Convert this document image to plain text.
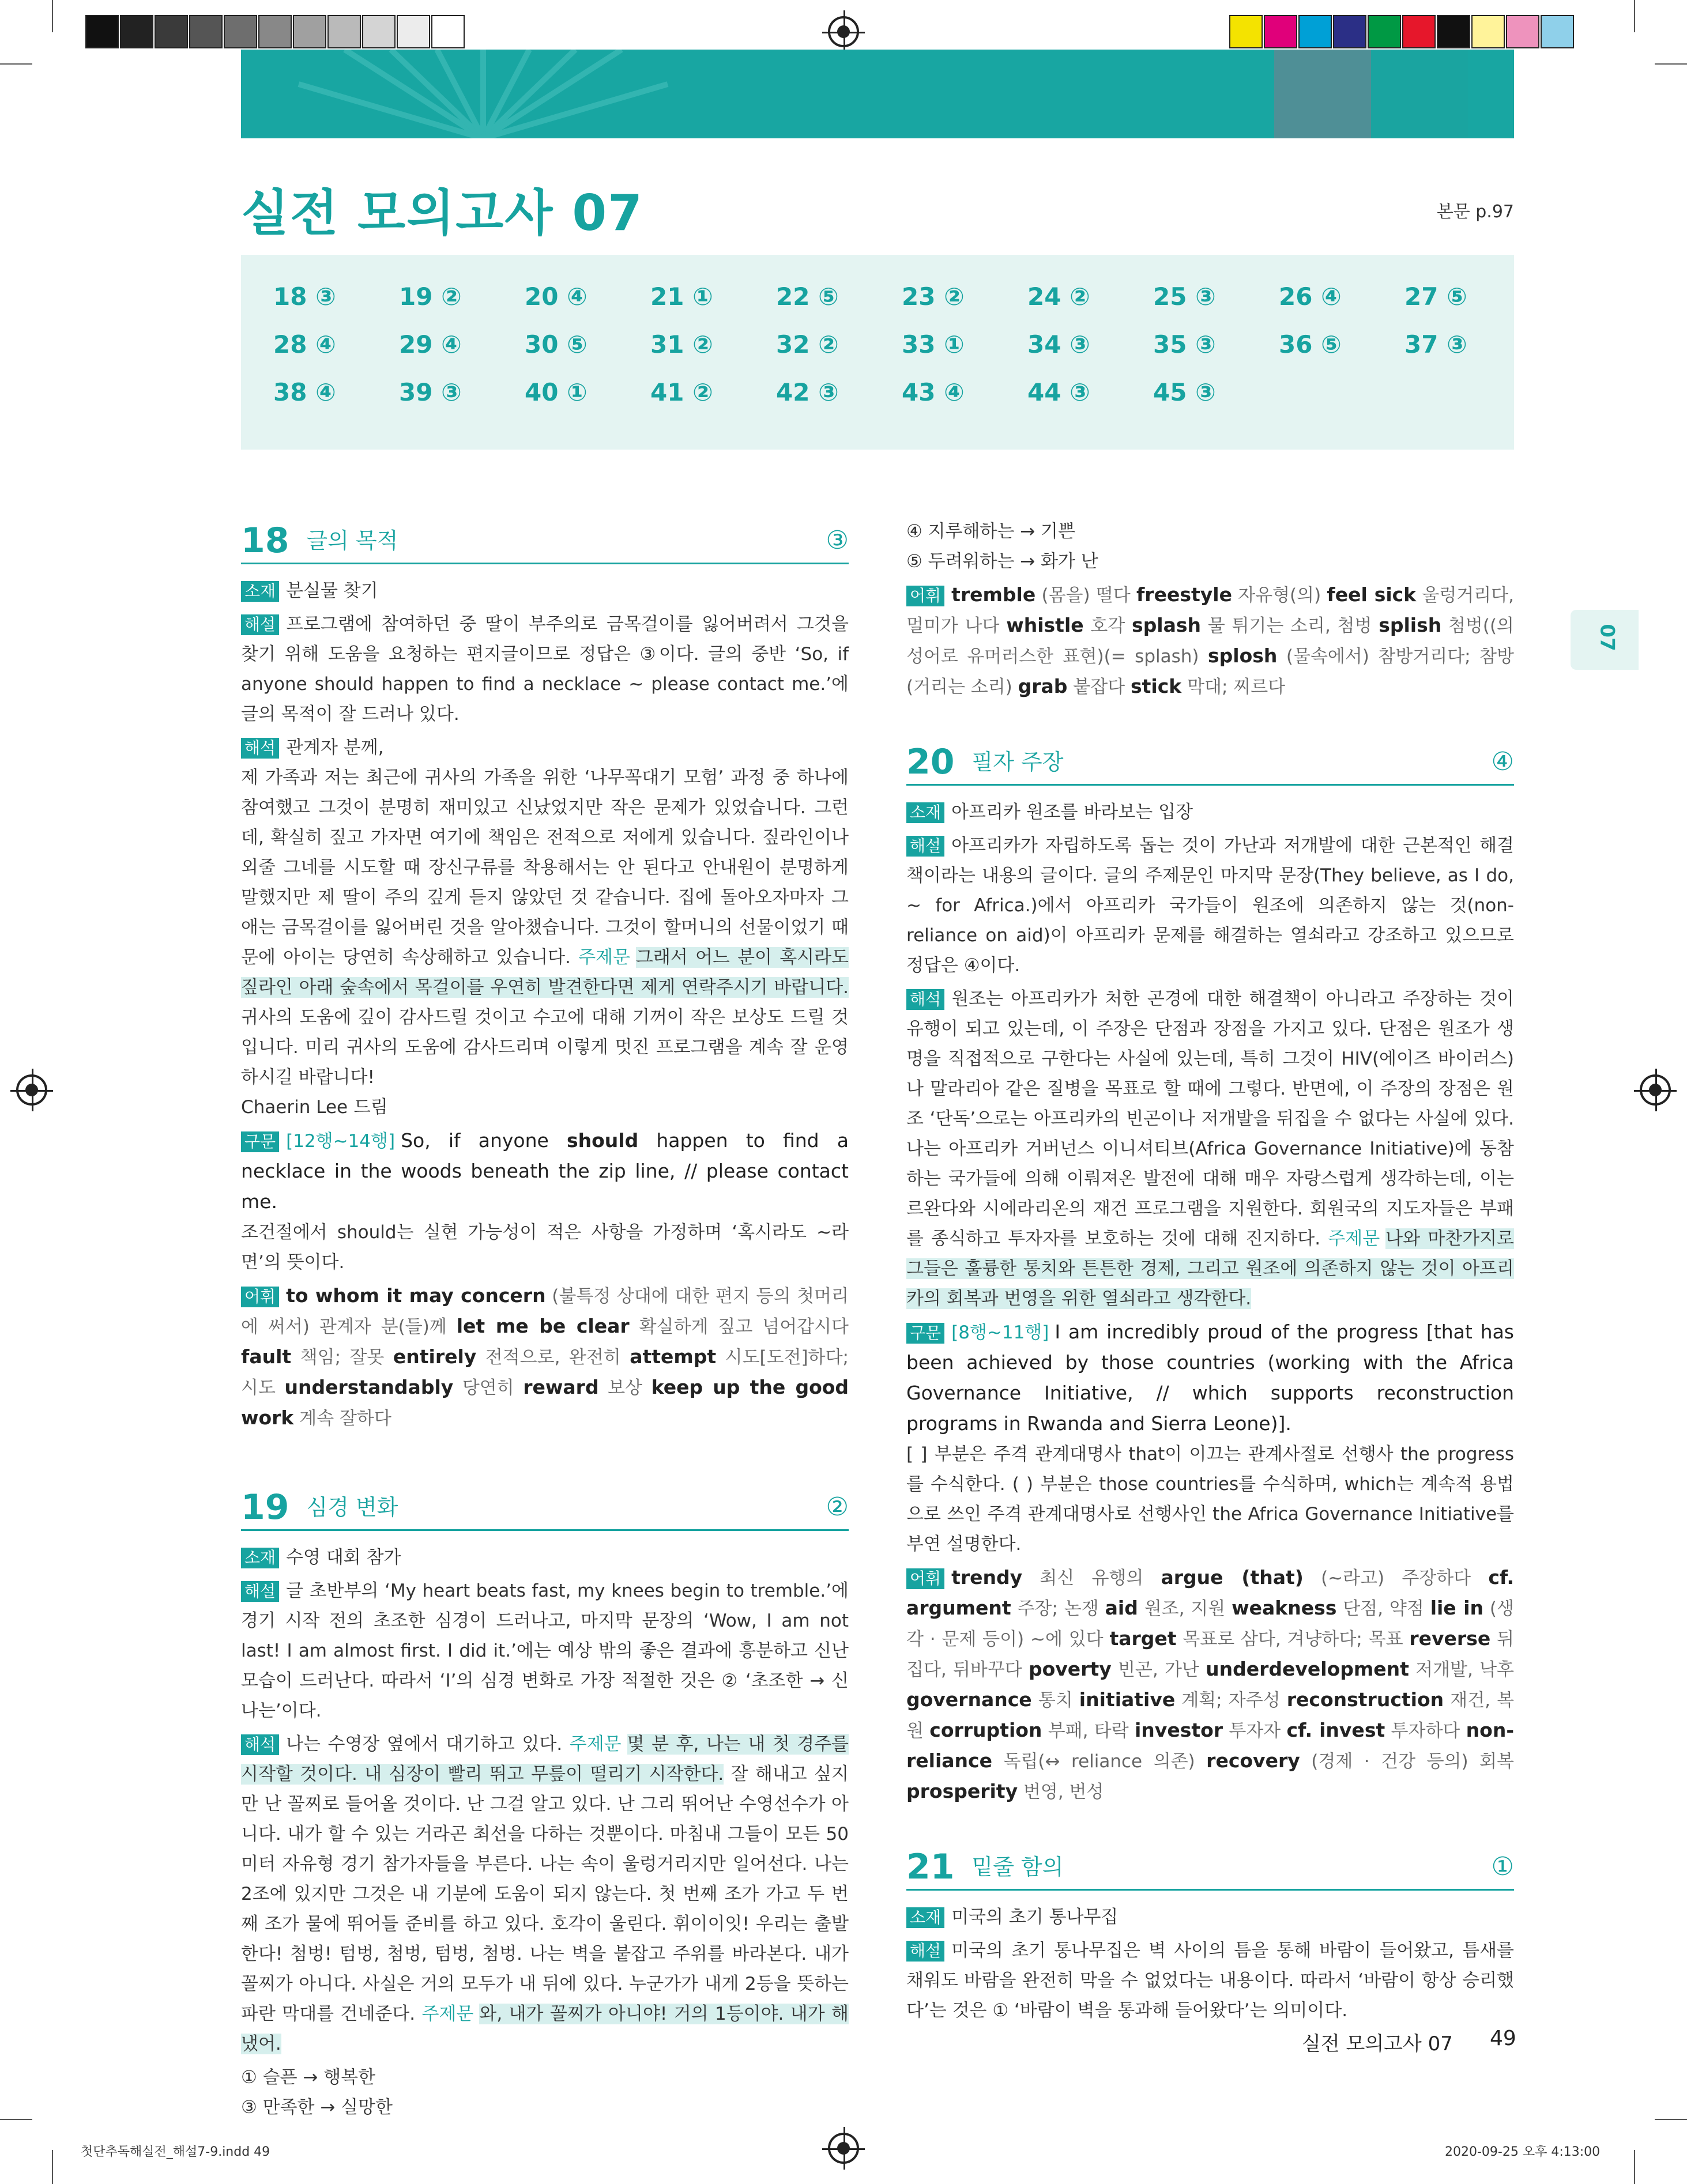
실전 모의고사 07	본문 p.97
18 ③	19 ②	20 ④	21 ①	22 ⑤	23 ②	24 ②	25 ③	26 ④	27 ⑤
28 ④	29 ④	30 ⑤	31 ②	32 ②	33 ①	34 ③	35 ③	36 ⑤	37 ③
38 ④	39 ③	40 ①	41 ②	42 ③	43 ④	44 ③	45 ③
07
18 글의 목적	③

소재 분실물 찾기

해설 프로그램에 참여하던 중 딸이 부주의로 금목걸이를 잃어버려서 그것을 찾기 위해 도움을 요청하는 편지글이므로 정답은 ③이다. 글의 중반 ‘So, if anyone should happen to find a necklace ~ please contact me.’에 글의 목적이 잘 드러나 있다.

해석 관계자 분께,
제 가족과 저는 최근에 귀사의 가족을 위한 ‘나무꼭대기 모험’ 과정 중 하나에 참여했고 그것이 분명히 재미있고 신났었지만 작은 문제가 있었습니다. 그런데, 확실히 짚고 가자면 여기에 책임은 전적으로 저에게 있습니다. 짚라인이나 외줄 그네를 시도할 때 장신구류를 착용해서는 안 된다고 안내원이 분명하게 말했지만 제 딸이 주의 깊게 듣지 않았던 것 같습니다. 집에 돌아오자마자 그 애는 금목걸이를 잃어버린 것을 알아챘습니다. 그것이 할머니의 선물이었기 때문에 아이는 당연히 속상해하고 있습니다. 주제문 그래서 어느 분이 혹시라도 짚라인 아래 숲속에서 목걸이를 우연히 발견한다면 제게 연락주시기 바랍니다. 귀사의 도움에 깊이 감사드릴 것이고 수고에 대해 기꺼이 작은 보상도 드릴 것입니다. 미리 귀사의 도움에 감사드리며 이렇게 멋진 프로그램을 계속 잘 운영하시길 바랍니다!
Chaerin Lee 드림

구문 [12행~14행] So, if anyone should happen to find a necklace in the woods beneath the zip line, // please contact me.
조건절에서 should는 실현 가능성이 적은 사항을 가정하며 ‘혹시라도 ~라면’의 뜻이다.

어휘 to whom it may concern (불특정 상대에 대한 편지 등의 첫머리에 써서) 관계자 분(들)께 let me be clear 확실하게 짚고 넘어갑시다 fault 책임; 잘못 entirely 전적으로, 완전히 attempt 시도[도전]하다; 시도 understandably 당연히 reward 보상 keep up the good work 계속 잘하다

19 심경 변화	②

소재 수영 대회 참가

해설 글 초반부의 ‘My heart beats fast, my knees begin to tremble.’에 경기 시작 전의 초조한 심경이 드러나고, 마지막 문장의 ‘Wow, I am not last! I am almost first. I did it.’에는 예상 밖의 좋은 결과에 흥분하고 신난 모습이 드러난다. 따라서 ‘I’의 심경 변화로 가장 적절한 것은 ② ‘초조한 → 신나는’이다.

해석 나는 수영장 옆에서 대기하고 있다. 주제문 몇 분 후, 나는 내 첫 경주를 시작할 것이다. 내 심장이 빨리 뛰고 무릎이 떨리기 시작한다. 잘 해내고 싶지만 난 꼴찌로 들어올 것이다. 난 그걸 알고 있다. 난 그리 뛰어난 수영선수가 아니다. 내가 할 수 있는 거라곤 최선을 다하는 것뿐이다. 마침내 그들이 모든 50미터 자유형 경기 참가자들을 부른다. 나는 속이 울렁거리지만 일어선다. 나는 2조에 있지만 그것은 내 기분에 도움이 되지 않는다. 첫 번째 조가 가고 두 번째 조가 물에 뛰어들 준비를 하고 있다. 호각이 울린다. 휘이이잇! 우리는 출발한다! 첨벙! 텀벙, 첨벙, 텀벙, 첨벙. 나는 벽을 붙잡고 주위를 바라본다. 내가 꼴찌가 아니다. 사실은 거의 모두가 내 뒤에 있다. 누군가가 내게 2등을 뜻하는 파란 막대를 건네준다. 주제문 와, 내가 꼴찌가 아니야! 거의 1등이야. 내가 해냈어.

① 슬픈 → 행복한

③ 만족한 → 실망한

④ 지루해하는 → 기쁜

⑤ 두려워하는 → 화가 난

어휘 tremble (몸을) 떨다 freestyle 자유형(의) feel sick 울렁거리다, 멀미가 나다 whistle 호각 splash 물 튀기는 소리, 첨벙 splish 첨벙((의성어로 유머러스한 표현)(= splash) splosh (물속에서) 참방거리다; 참방(거리는 소리) grab 붙잡다 stick 막대; 찌르다

20 필자 주장	④

소재 아프리카 원조를 바라보는 입장

해설 아프리카가 자립하도록 돕는 것이 가난과 저개발에 대한 근본적인 해결책이라는 내용의 글이다. 글의 주제문인 마지막 문장(They believe, as I do, ~ for Africa.)에서 아프리카 국가들이 원조에 의존하지 않는 것(non-reliance on aid)이 아프리카 문제를 해결하는 열쇠라고 강조하고 있으므로 정답은 ④이다.

해석 원조는 아프리카가 처한 곤경에 대한 해결책이 아니라고 주장하는 것이 유행이 되고 있는데, 이 주장은 단점과 장점을 가지고 있다. 단점은 원조가 생명을 직접적으로 구한다는 사실에 있는데, 특히 그것이 HIV(에이즈 바이러스)나 말라리아 같은 질병을 목표로 할 때에 그렇다. 반면에, 이 주장의 장점은 원조 ‘단독’으로는 아프리카의 빈곤이나 저개발을 뒤집을 수 없다는 사실에 있다. 나는 아프리카 거버넌스 이니셔티브(Africa Governance Initiative)에 동참하는 국가들에 의해 이뤄져온 발전에 대해 매우 자랑스럽게 생각하는데, 이는 르완다와 시에라리온의 재건 프로그램을 지원한다. 회원국의 지도자들은 부패를 종식하고 투자자를 보호하는 것에 대해 진지하다. 주제문 나와 마찬가지로 그들은 훌륭한 통치와 튼튼한 경제, 그리고 원조에 의존하지 않는 것이 아프리카의 회복과 번영을 위한 열쇠라고 생각한다.

구문 [8행~11행] I am incredibly proud of the progress [that has been achieved by those countries (working with the Africa Governance Initiative, // which supports reconstruction programs in Rwanda and Sierra Leone)].
[ ] 부분은 주격 관계대명사 that이 이끄는 관계사절로 선행사 the progress를 수식한다. ( ) 부분은 those countries를 수식하며, which는 계속적 용법으로 쓰인 주격 관계대명사로 선행사인 the Africa Governance Initiative를 부연 설명한다.

어휘 trendy 최신 유행의 argue (that) (~라고) 주장하다 cf. argument 주장; 논쟁 aid 원조, 지원 weakness 단점, 약점 lie in (생각 · 문제 등이) ~에 있다 target 목표로 삼다, 겨냥하다; 목표 reverse 뒤집다, 뒤바꾸다 poverty 빈곤, 가난 underdevelopment 저개발, 낙후 governance 통치 initiative 계획; 자주성 reconstruction 재건, 복원 corruption 부패, 타락 investor 투자자 cf. invest 투자하다 non-reliance 독립(↔ reliance 의존) recovery (경제 · 건강 등의) 회복 prosperity 번영, 번성

21 밑줄 함의	①

소재 미국의 초기 통나무집

해설 미국의 초기 통나무집은 벽 사이의 틈을 통해 바람이 들어왔고, 틈새를 채워도 바람을 완전히 막을 수 없었다는 내용이다. 따라서 ‘바람이 항상 승리했다’는 것은 ① ‘바람이 벽을 통과해 들어왔다’는 의미이다.

실전 모의고사 07 49
첫단추독해실전_해설7-9.indd 49	2020-09-25 오후 4:13:00
